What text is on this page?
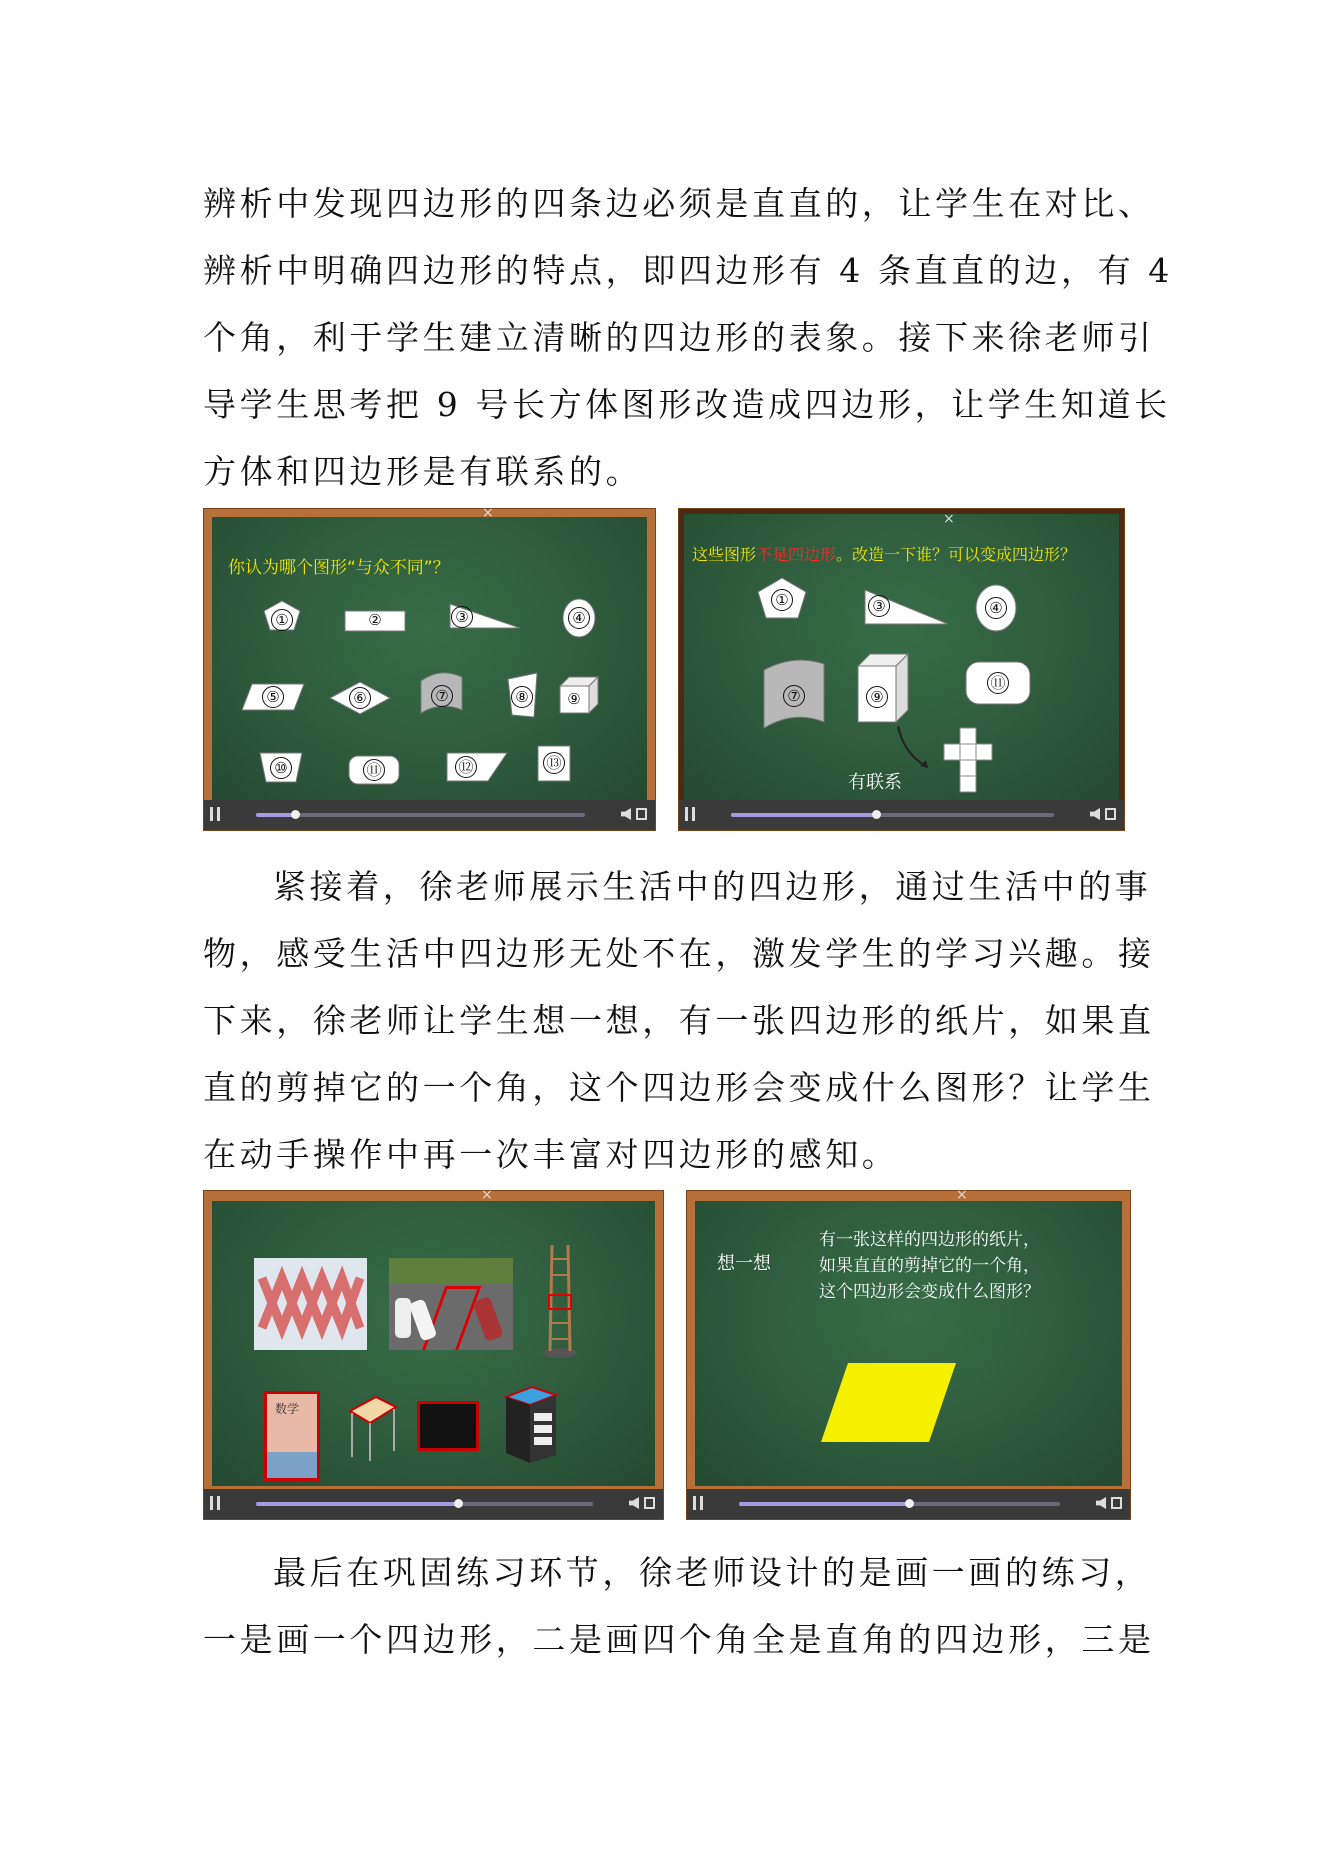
辨析中发现四边形的四条边必须是直直的，让学生在对比、
辨析中明确四边形的特点，即四边形有 4 条直直的边，有 4
个角，利于学生建立清晰的四边形的表象。接下来徐老师引
导学生思考把 9 号长方体图形改造成四边形，让学生知道长
方体和四边形是有联系的。
你认为哪个图形“与众不同”？
①	②	③	④
⑤	⑥	⑦	⑧	⑨
⑩	⑪	⑫	⑬
×
这些图形不是四边形。改造一下谁？可以变成四边形？
①	③	④
⑦	⑨
⑪
有联系
×
紧接着，徐老师展示生活中的四边形，通过生活中的事
物，感受生活中四边形无处不在，激发学生的学习兴趣。接
下来，徐老师让学生想一想，有一张四边形的纸片，如果直
直的剪掉它的一个角，这个四边形会变成什么图形？让学生
在动手操作中再一次丰富对四边形的感知。
数学
×
想一想
有一张这样的四边形的纸片，
如果直直的剪掉它的一个角，
这个四边形会变成什么图形？
×
最后在巩固练习环节，徐老师设计的是画一画的练习，
一是画一个四边形，二是画四个角全是直角的四边形，三是
